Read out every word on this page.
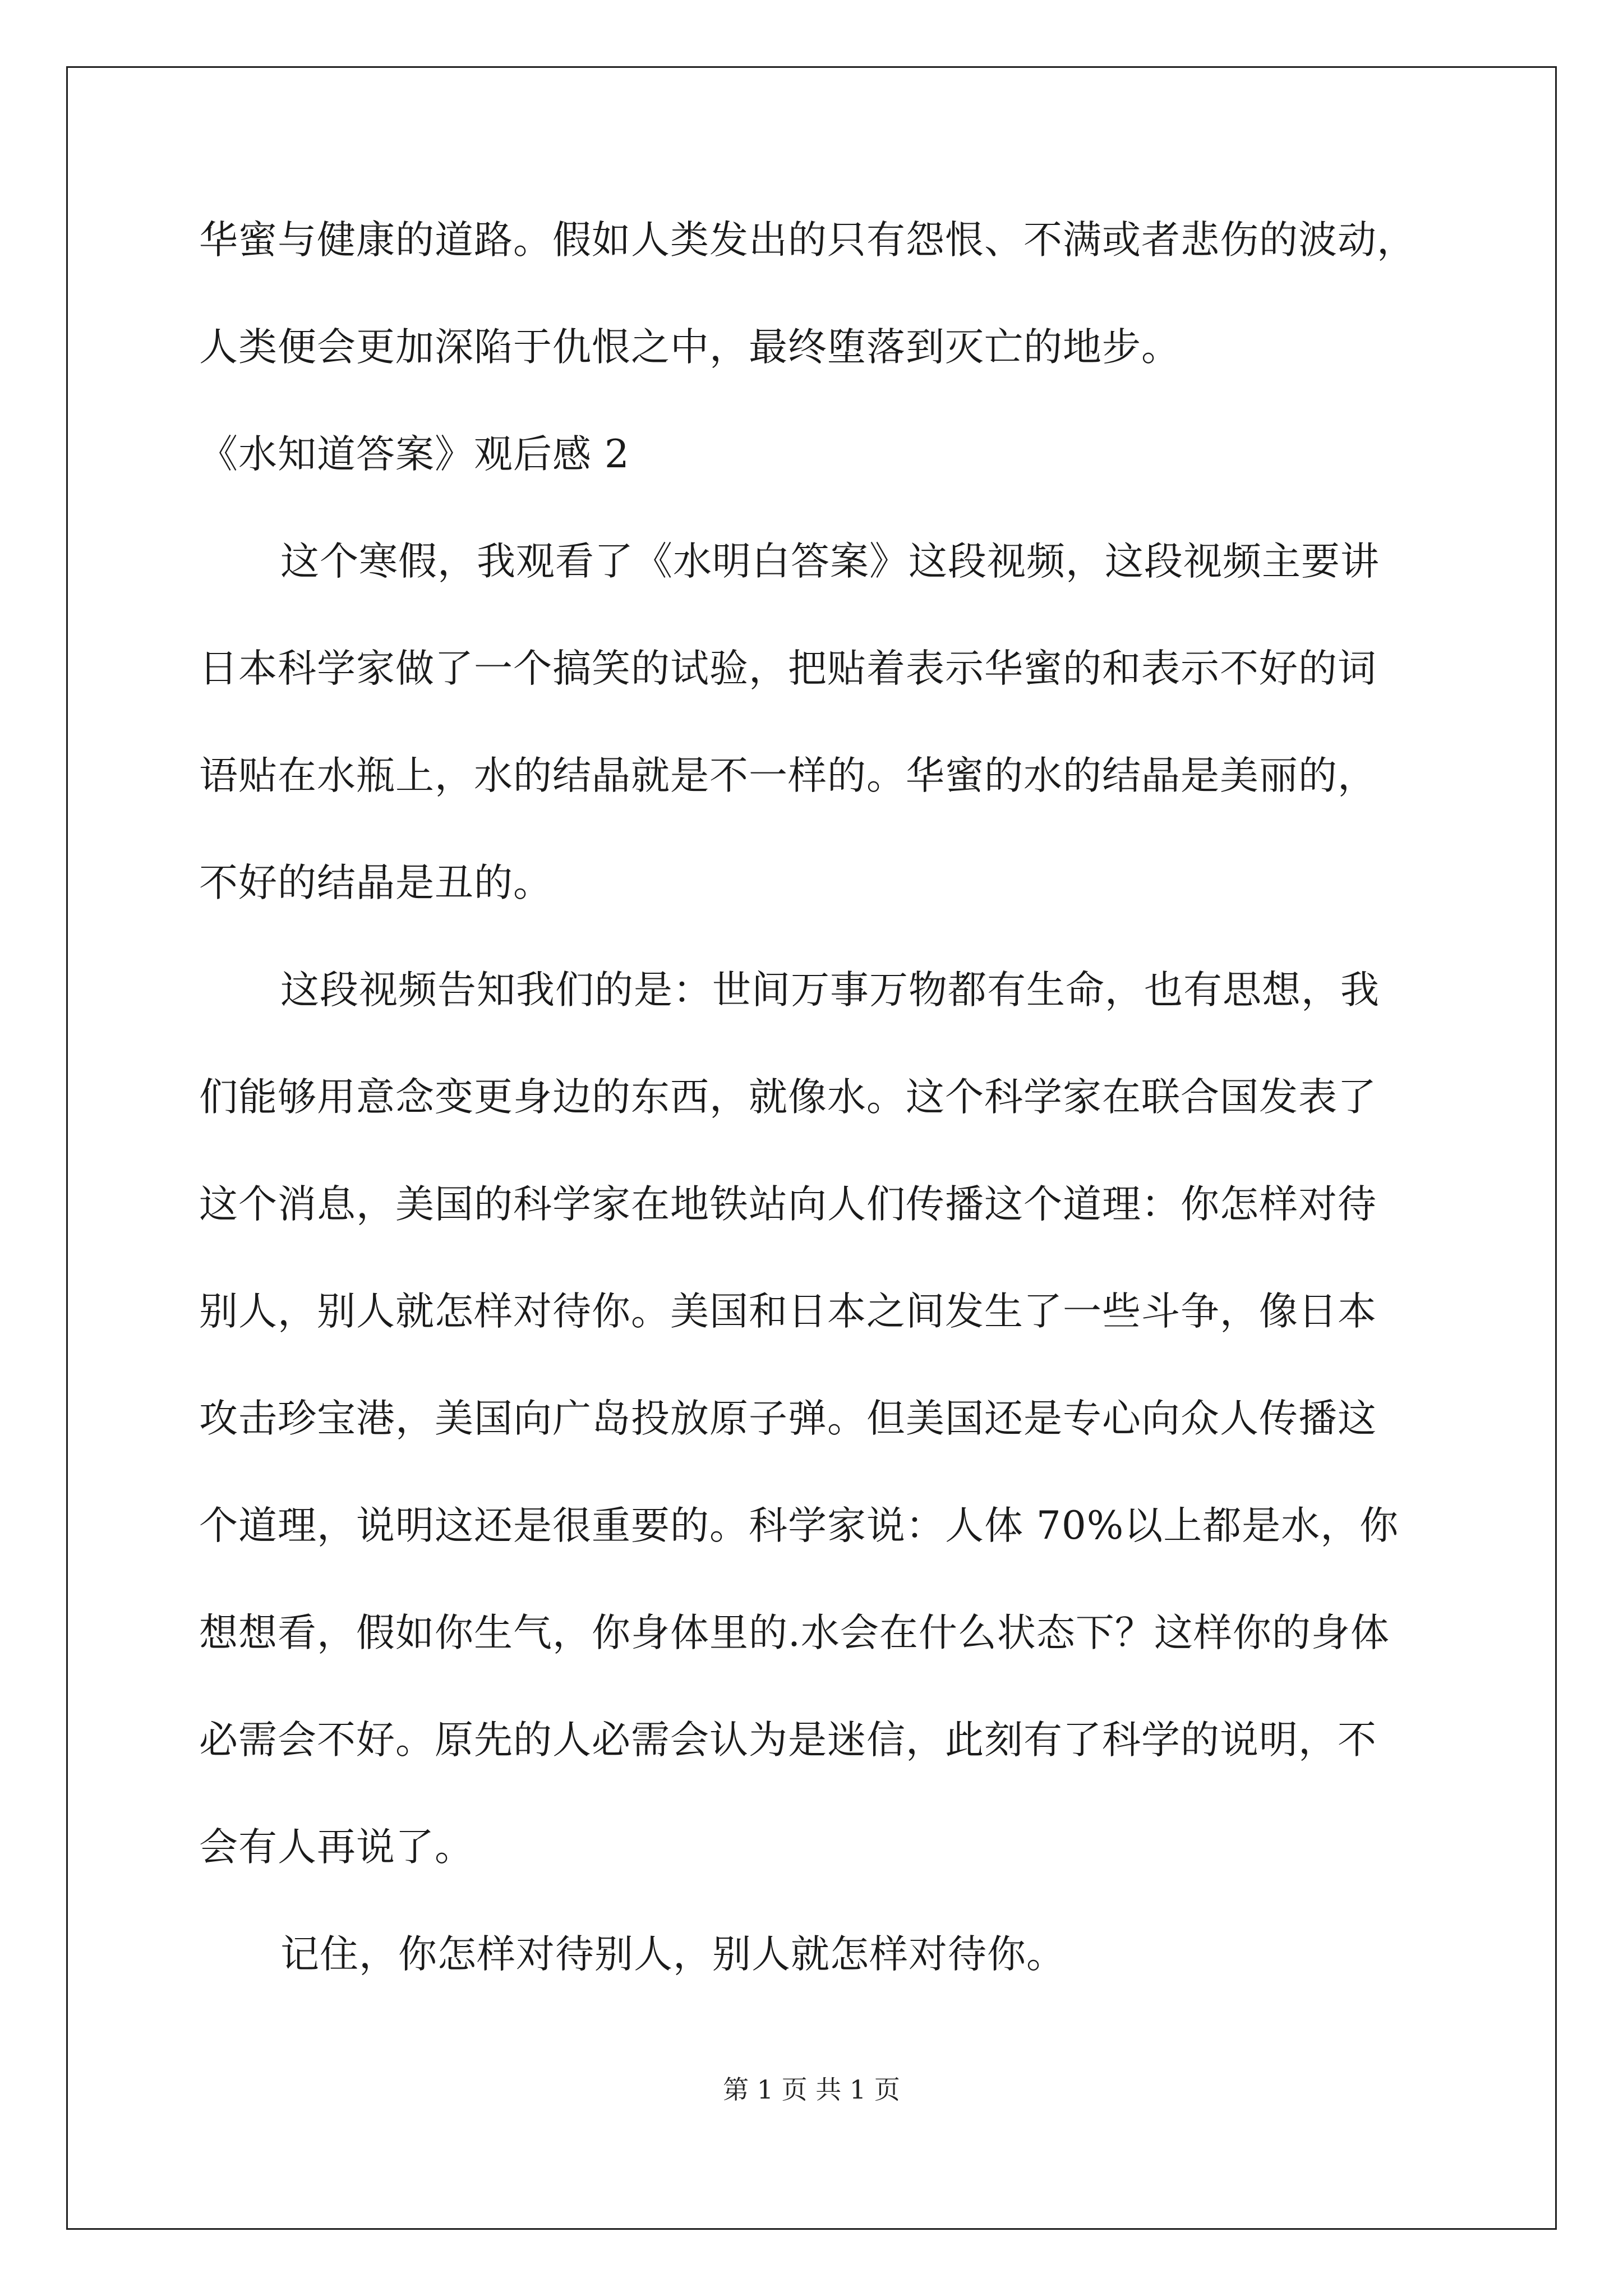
华蜜与健康的道路。假如人类发出的只有怨恨、不满或者悲伤的波动，
人类便会更加深陷于仇恨之中，最终堕落到灭亡的地步。
《水知道答案》观后感 2
这个寒假，我观看了《水明白答案》这段视频，这段视频主要讲
日本科学家做了一个搞笑的试验，把贴着表示华蜜的和表示不好的词
语贴在水瓶上，水的结晶就是不一样的。华蜜的水的结晶是美丽的，
不好的结晶是丑的。
这段视频告知我们的是：世间万事万物都有生命，也有思想，我
们能够用意念变更身边的东西，就像水。这个科学家在联合国发表了
这个消息，美国的科学家在地铁站向人们传播这个道理：你怎样对待
别人，别人就怎样对待你。美国和日本之间发生了一些斗争，像日本
攻击珍宝港，美国向广岛投放原子弹。但美国还是专心向众人传播这
个道理，说明这还是很重要的。科学家说：人体 70%以上都是水，你
想想看，假如你生气，你身体里的.水会在什么状态下？这样你的身体
必需会不好。原先的人必需会认为是迷信，此刻有了科学的说明，不
会有人再说了。
记住，你怎样对待别人，别人就怎样对待你。
第 1 页 共 1 页
